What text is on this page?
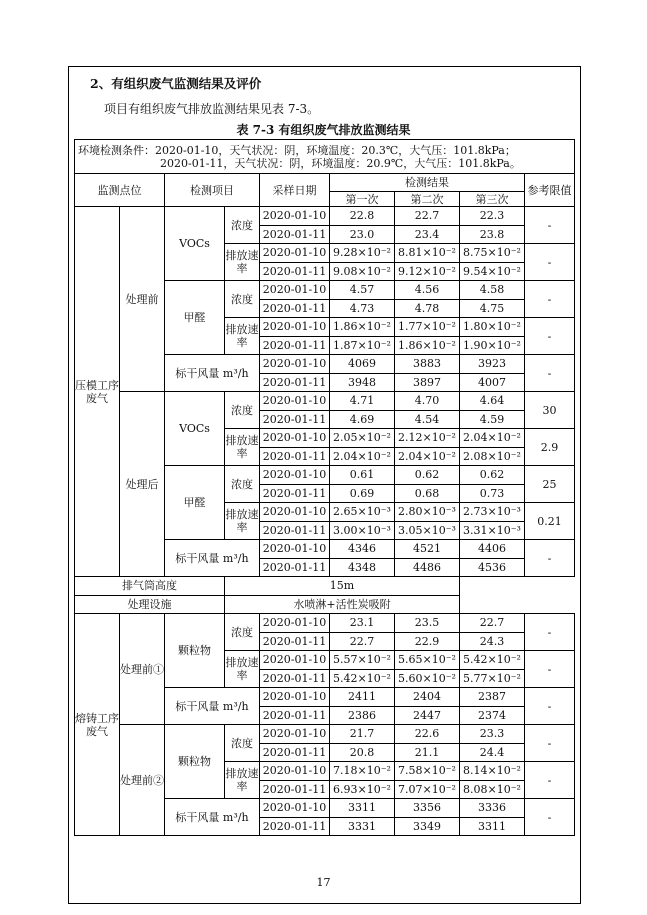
2、有组织废气监测结果及评价
项目有组织废气排放监测结果见表 7-3。
表 7-3 有组织废气排放监测结果
环境检测条件：2020-01-10，天气状况：阴，环境温度：20.3℃，大气压：101.8kPa；
2020-01-11，天气状况：阴，环境温度：20.9℃，大气压：101.8kPa。								

监测点位		检测项目		采样日期	检测结果			参考限值
					第一次	第二次	第三次	
压模工序废气	处理前	VOCs	浓度	2020-01-10	22.8	22.7	22.3	-
				2020-01-11	23.0	23.4	23.8	
			排放速率	2020-01-10	9.28×10⁻²	8.81×10⁻²	8.75×10⁻²	-
				2020-01-11	9.08×10⁻²	9.12×10⁻²	9.54×10⁻²	
		甲醛	浓度	2020-01-10	4.57	4.56	4.58	-
				2020-01-11	4.73	4.78	4.75	
			排放速率	2020-01-10	1.86×10⁻²	1.77×10⁻²	1.80×10⁻²	-
				2020-01-11	1.87×10⁻²	1.86×10⁻²	1.90×10⁻²	
		标干风量 m³/h		2020-01-10	4069	3883	3923	-
				2020-01-11	3948	3897	4007	
	处理后	VOCs	浓度	2020-01-10	4.71	4.70	4.64	30
				2020-01-11	4.69	4.54	4.59	
			排放速率	2020-01-10	2.05×10⁻²	2.12×10⁻²	2.04×10⁻²	2.9
				2020-01-11	2.04×10⁻²	2.04×10⁻²	2.08×10⁻²	
		甲醛	浓度	2020-01-10	0.61	0.62	0.62	25
				2020-01-11	0.69	0.68	0.73	
			排放速率	2020-01-10	2.65×10⁻³	2.80×10⁻³	2.73×10⁻³	0.21
				2020-01-11	3.00×10⁻³	3.05×10⁻³	3.31×10⁻³	
		标干风量 m³/h		2020-01-10	4346	4521	4406	-
				2020-01-11	4348	4486	4536	
排气筒高度			15m					
处理设施			水喷淋+活性炭吸附					
熔铸工序废气	处理前①	颗粒物	浓度	2020-01-10	23.1	23.5	22.7	-
				2020-01-11	22.7	22.9	24.3	
			排放速率	2020-01-10	5.57×10⁻²	5.65×10⁻²	5.42×10⁻²	-
				2020-01-11	5.42×10⁻²	5.60×10⁻²	5.77×10⁻²	
		标干风量 m³/h		2020-01-10	2411	2404	2387	-
				2020-01-11	2386	2447	2374	
	处理前②	颗粒物	浓度	2020-01-10	21.7	22.6	23.3	-
				2020-01-11	20.8	21.1	24.4	
			排放速率	2020-01-10	7.18×10⁻²	7.58×10⁻²	8.14×10⁻²	-
				2020-01-11	6.93×10⁻²	7.07×10⁻²	8.08×10⁻²	
		标干风量 m³/h		2020-01-10	3311	3356	3336	-
				2020-01-11	3331	3349	3311	
17
